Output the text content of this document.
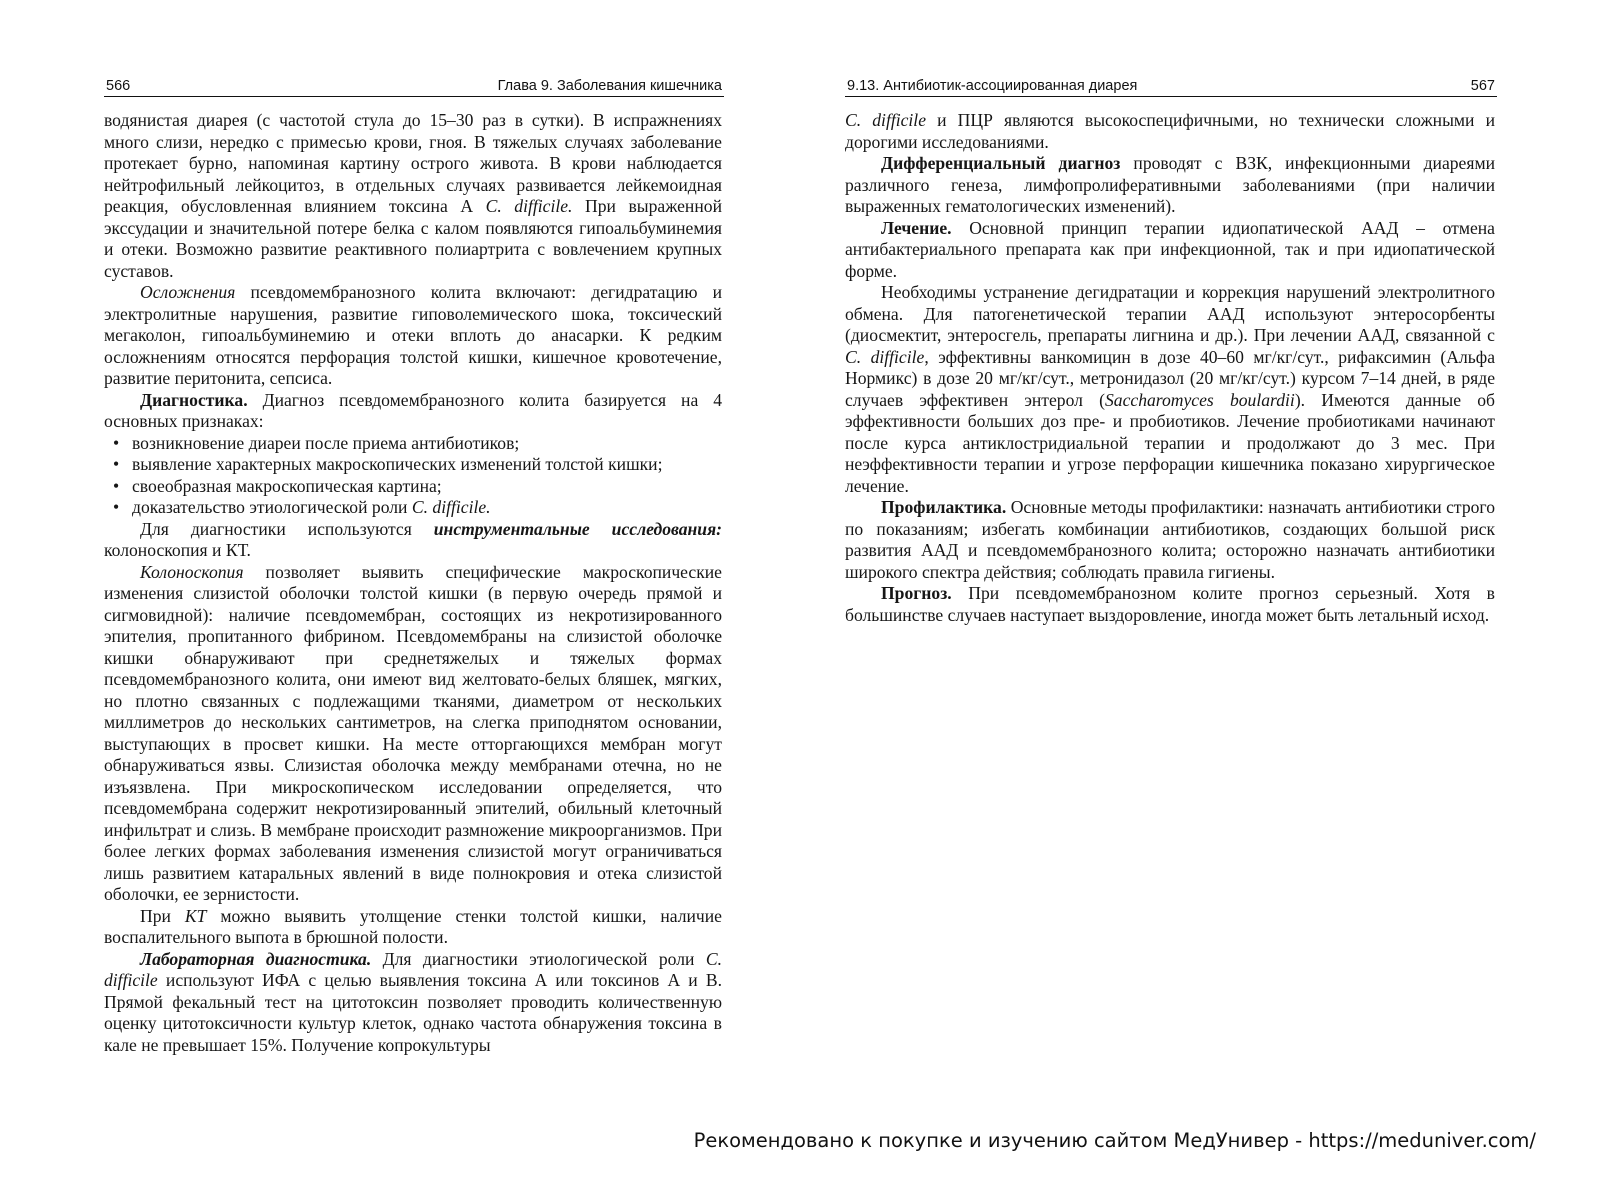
566	Глава 9. Заболевания кишечника

водянистая диарея (с частотой стула до 15–30 раз в сутки). В испражнениях много слизи, нередко с примесью крови, гноя. В тяжелых случаях заболевание протекает бурно, напоминая картину острого живота. В крови наблюдается нейтрофильный лейкоцитоз, в отдельных случаях развивается лейкемоидная реакция, обусловленная влиянием токсина А C. difficile. При выраженной экссудации и значительной потере белка с калом появляются гипоальбуминемия и отеки. Возможно развитие реактивного полиартрита с вовлечением крупных суставов.

Осложнения псевдомембранозного колита включают: дегидратацию и электролитные нарушения, развитие гиповолемического шока, токсический мегаколон, гипоальбуминемию и отеки вплоть до анасарки. К редким осложнениям относятся перфорация толстой кишки, кишечное кровотечение, развитие перитонита, сепсиса.

Диагностика. Диагноз псевдомембранозного колита базируется на 4 основных признаках:

• возникновение диареи после приема антибиотиков;
• выявление характерных макроскопических изменений толстой кишки;
• своеобразная макроскопическая картина;
• доказательство этиологической роли C. difficile.

Для диагностики используются инструментальные исследования: колоноскопия и КТ.

Колоноскопия позволяет выявить специфические макроскопические изменения слизистой оболочки толстой кишки (в первую очередь прямой и сигмовидной): наличие псевдомембран, состоящих из некротизированного эпителия, пропитанного фибрином. Псевдомембраны на слизистой оболочке кишки обнаруживают при среднетяжелых и тяжелых формах псевдомембранозного колита, они имеют вид желтовато-белых бляшек, мягких, но плотно связанных с подлежащими тканями, диаметром от нескольких миллиметров до нескольких сантиметров, на слегка приподнятом основании, выступающих в просвет кишки. На месте отторгающихся мембран могут обнаруживаться язвы. Слизистая оболочка между мембранами отечна, но не изъязвлена. При микроскопическом исследовании определяется, что псевдомембрана содержит некротизированный эпителий, обильный клеточный инфильтрат и слизь. В мембране происходит размножение микроорганизмов. При более легких формах заболевания изменения слизистой могут ограничиваться лишь развитием катаральных явлений в виде полнокровия и отека слизистой оболочки, ее зернистости.

При КТ можно выявить утолщение стенки толстой кишки, наличие воспалительного выпота в брюшной полости.

Лабораторная диагностика. Для диагностики этиологической роли C. difficile используют ИФА с целью выявления токсина А или токсинов А и В. Прямой фекальный тест на цитотоксин позволяет проводить количественную оценку цитотоксичности культур клеток, однако частота обнаружения токсина в кале не превышает 15%. Получение копрокультуры

9.13. Антибиотик-ассоциированная диарея	567

C. difficile и ПЦР являются высокоспецифичными, но технически сложными и дорогими исследованиями.

Дифференциальный диагноз проводят с ВЗК, инфекционными диареями различного генеза, лимфопролиферативными заболеваниями (при наличии выраженных гематологических изменений).

Лечение. Основной принцип терапии идиопатической ААД – отмена антибактериального препарата как при инфекционной, так и при идиопатической форме.

Необходимы устранение дегидратации и коррекция нарушений электролитного обмена. Для патогенетической терапии ААД используют энтеросорбенты (диосмектит, энтеросгель, препараты лигнина и др.). При лечении ААД, связанной с C. difficile, эффективны ванкомицин в дозе 40–60 мг/кг/сут., рифаксимин (Альфа Нормикс) в дозе 20 мг/кг/сут., метронидазол (20 мг/кг/сут.) курсом 7–14 дней, в ряде случаев эффективен энтерол (Saccharomyces boulardii). Имеются данные об эффективности больших доз пре- и пробиотиков. Лечение пробиотиками начинают после курса антиклостридиальной терапии и продолжают до 3 мес. При неэффективности терапии и угрозе перфорации кишечника показано хирургическое лечение.

Профилактика. Основные методы профилактики: назначать антибиотики строго по показаниям; избегать комбинации антибиотиков, создающих большой риск развития ААД и псевдомембранозного колита; осторожно назначать антибиотики широкого спектра действия; соблюдать правила гигиены.

Прогноз. При псевдомембранозном колите прогноз серьезный. Хотя в большинстве случаев наступает выздоровление, иногда может быть летальный исход.

Рекомендовано к покупке и изучению сайтом МедУнивер - https://meduniver.com/
